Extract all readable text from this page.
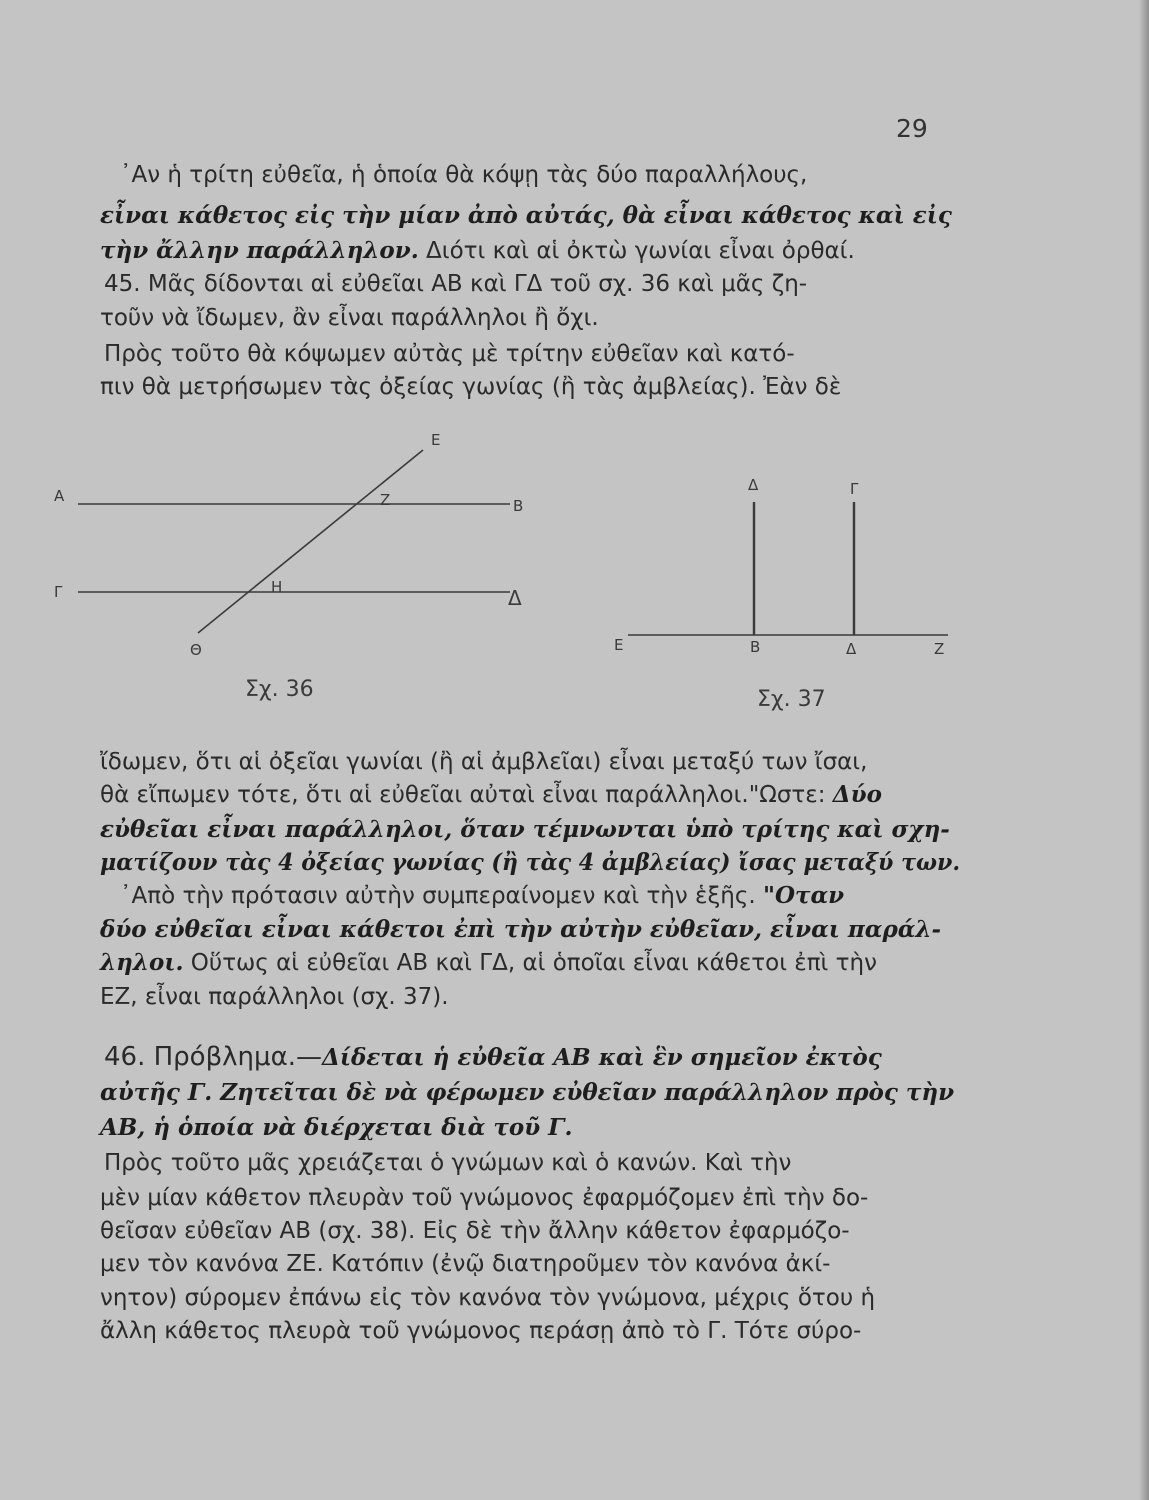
29
᾿Αν ἡ τρίτη εὐθεῖα, ἡ ὁποία θὰ κόψῃ τὰς δύο παραλλήλους,
εἶναι κάθετος εἰς τὴν μίαν ἀπὸ αὐτάς, θὰ εἶναι κάθετος καὶ εἰς
τὴν ἄλλην παράλληλον. Διότι καὶ αἱ ὀκτὼ γωνίαι εἶναι ὀρθαί.
45. Μᾶς δίδονται αἱ εὐθεῖαι ΑΒ καὶ ΓΔ τοῦ σχ. 36 καὶ μᾶς ζη-
τοῦν νὰ ἴδωμεν, ἂν εἶναι παράλληλοι ἢ ὄχι.
Πρὸς τοῦτο θὰ κόψωμεν αὐτὰς μὲ τρίτην εὐθεῖαν καὶ κατό-
πιν θὰ μετρήσωμεν τὰς ὀξείας γωνίας (ἢ τὰς ἀμβλείας). Ἐὰν δὲ
Α
Β
Γ	Δ
Ε
Ζ
Η
Θ
Σχ. 36
Δ	Γ
Ε	Β	Δ	Ζ
Σχ. 37
ἴδωμεν, ὅτι αἱ ὀξεῖαι γωνίαι (ἢ αἱ ἀμβλεῖαι) εἶναι μεταξύ των ἴσαι,
θὰ εἴπωμεν τότε, ὅτι αἱ εὐθεῖαι αὐταὶ εἶναι παράλληλοι."Ωστε: Δύο
εὐθεῖαι εἶναι παράλληλοι, ὅταν τέμνωνται ὑπὸ τρίτης καὶ σχη-
ματίζουν τὰς 4 ὀξείας γωνίας (ἢ τὰς 4 ἀμβλείας) ἴσας μεταξύ των.
᾿Απὸ τὴν πρότασιν αὐτὴν συμπεραίνομεν καὶ τὴν ἑξῆς. "Οταν
δύο εὐθεῖαι εἶναι κάθετοι ἐπὶ τὴν αὐτὴν εὐθεῖαν, εἶναι παράλ-
ληλοι. Οὕτως αἱ εὐθεῖαι ΑΒ καὶ ΓΔ, αἱ ὁποῖαι εἶναι κάθετοι ἐπὶ τὴν
ΕΖ, εἶναι παράλληλοι (σχ. 37).
46. Πρόβλημα.—Δίδεται ἡ εὐθεῖα ΑΒ καὶ ἓν σημεῖον ἐκτὸς
αὐτῆς Γ. Ζητεῖται δὲ νὰ φέρωμεν εὐθεῖαν παράλληλον πρὸς τὴν
ΑΒ, ἡ ὁποία νὰ διέρχεται διὰ τοῦ Γ.
Πρὸς τοῦτο μᾶς χρειάζεται ὁ γνώμων καὶ ὁ κανών. Καὶ τὴν
μὲν μίαν κάθετον πλευρὰν τοῦ γνώμονος ἐφαρμόζομεν ἐπὶ τὴν δο-
θεῖσαν εὐθεῖαν ΑΒ (σχ. 38). Εἰς δὲ τὴν ἄλλην κάθετον ἐφαρμόζο-
μεν τὸν κανόνα ΖΕ. Κατόπιν (ἐνῷ διατηροῦμεν τὸν κανόνα ἀκί-
νητον) σύρομεν ἐπάνω εἰς τὸν κανόνα τὸν γνώμονα, μέχρις ὅτου ἡ
ἄλλη κάθετος πλευρὰ τοῦ γνώμονος περάσῃ ἀπὸ τὸ Γ. Τότε σύρο-
